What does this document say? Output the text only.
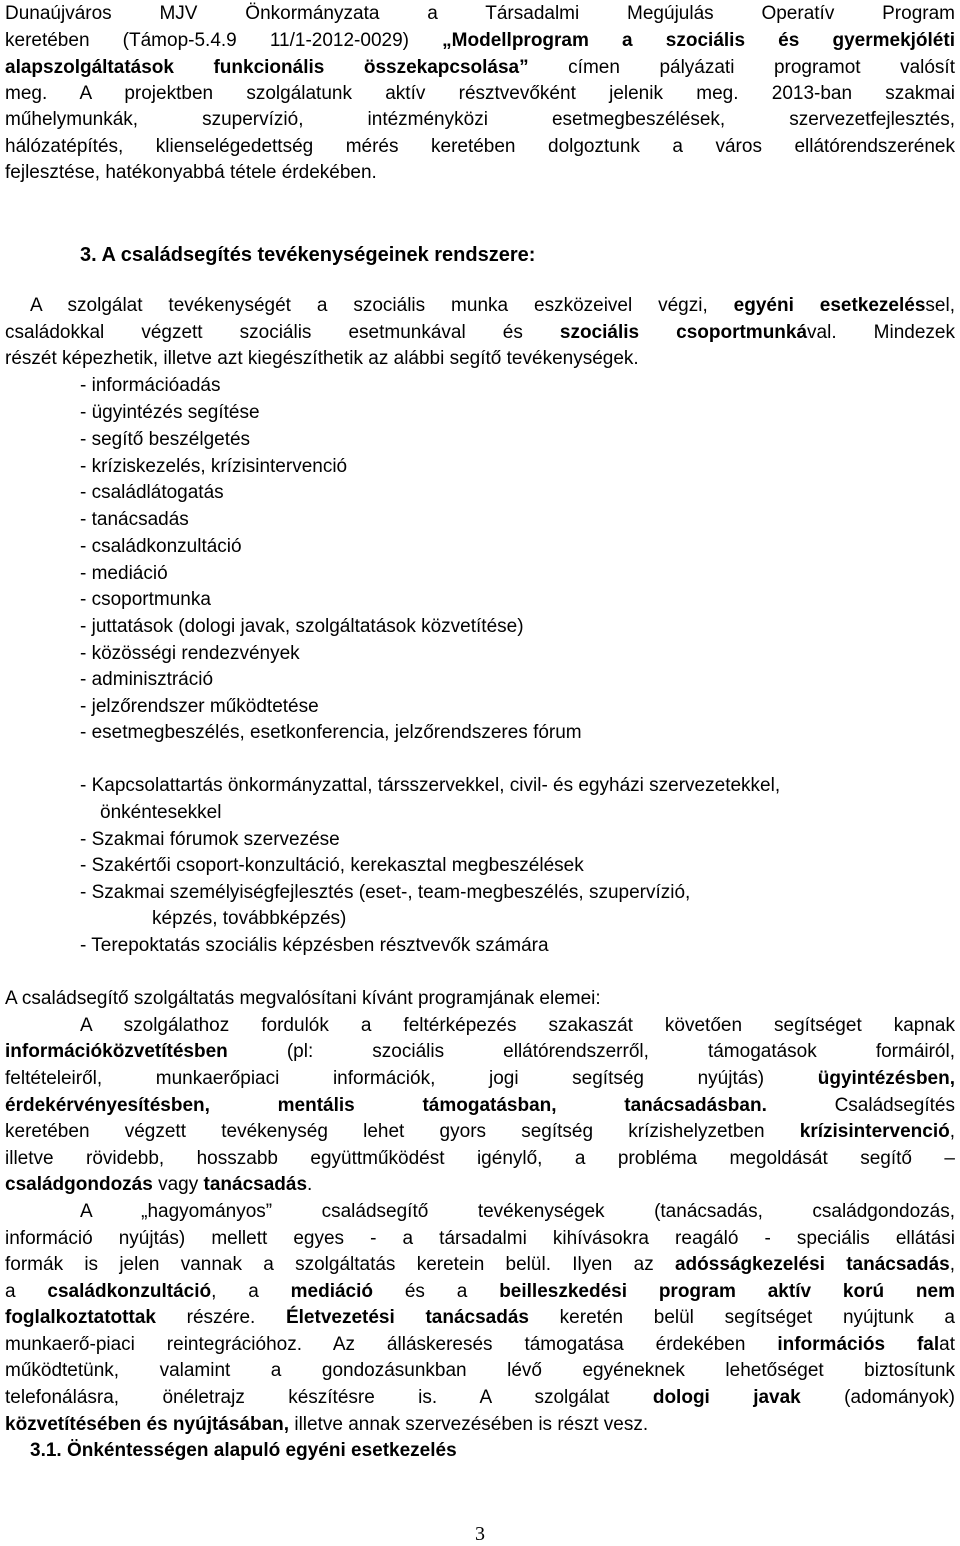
Dunaújváros MJV Önkormányzata a Társadalmi Megújulás Operatív Program
keretében (Támop-5.4.9 11/1-2012-0029) „Modellprogram a szociális és gyermekjóléti
alapszolgáltatások funkcionális összekapcsolása” címen pályázati programot valósít
meg. A projektben szolgálatunk aktív résztvevőként jelenik meg. 2013-ban szakmai
műhelymunkák, szupervízió, intézményközi esetmegbeszélések, szervezetfejlesztés,
hálózatépítés, klienselégedettség mérés keretében dolgoztunk a város ellátórendszerének
fejlesztése, hatékonyabbá tétele érdekében.
3. A családsegítés tevékenységeinek rendszere:
A szolgálat tevékenységét a szociális munka eszközeivel végzi, egyéni esetkezeléssel,
családokkal végzett szociális esetmunkával és szociális csoportmunkával. Mindezek
részét képezhetik, illetve azt kiegészíthetik az alábbi segítő tevékenységek.
- információadás
- ügyintézés segítése
- segítő beszélgetés
- kríziskezelés, krízisintervenció
- családlátogatás
- tanácsadás
- családkonzultáció
- mediáció
- csoportmunka
- juttatások (dologi javak, szolgáltatások közvetítése)
- közösségi rendezvények
- adminisztráció
- jelzőrendszer működtetése
- esetmegbeszélés, esetkonferencia, jelzőrendszeres fórum
- Kapcsolattartás önkormányzattal, társszervekkel, civil- és egyházi szervezetekkel,
önkéntesekkel
- Szakmai fórumok szervezése
- Szakértői csoport-konzultáció, kerekasztal megbeszélések
- Szakmai személyiségfejlesztés (eset-, team-megbeszélés, szupervízió,
képzés, továbbképzés)
- Terepoktatás szociális képzésben résztvevők számára
A családsegítő szolgáltatás megvalósítani kívánt programjának elemei:
A szolgálathoz fordulók a feltérképezés szakaszát követően segítséget kapnak
információközvetítésben (pl: szociális ellátórendszerről, támogatások formáiról,
feltételeiről, munkaerőpiaci információk, jogi segítség nyújtás) ügyintézésben,
érdekérvényesítésben, mentális támogatásban, tanácsadásban. Családsegítés
keretében végzett tevékenység lehet gyors segítség krízishelyzetben krízisintervenció,
illetve rövidebb, hosszabb együttműködést igénylő, a probléma megoldását segítő –
családgondozás vagy tanácsadás.
A „hagyományos” családsegítő tevékenységek (tanácsadás, családgondozás,
információ nyújtás) mellett egyes - a társadalmi kihívásokra reagáló - speciális ellátási
formák is jelen vannak a szolgáltatás keretein belül. Ilyen az adósságkezelési tanácsadás,
a családkonzultáció, a mediáció és a beilleszkedési program aktív korú nem
foglalkoztatottak részére. Életvezetési tanácsadás keretén belül segítséget nyújtunk a
munkaerő-piaci reintegrációhoz. Az álláskeresés támogatása érdekében információs falat
működtetünk, valamint a gondozásunkban lévő egyéneknek lehetőséget biztosítunk
telefonálásra, önéletrajz készítésre is. A szolgálat dologi javak (adományok)
közvetítésében és nyújtásában, illetve annak szervezésében is részt vesz.
3.1. Önkéntességen alapuló egyéni esetkezelés
3
